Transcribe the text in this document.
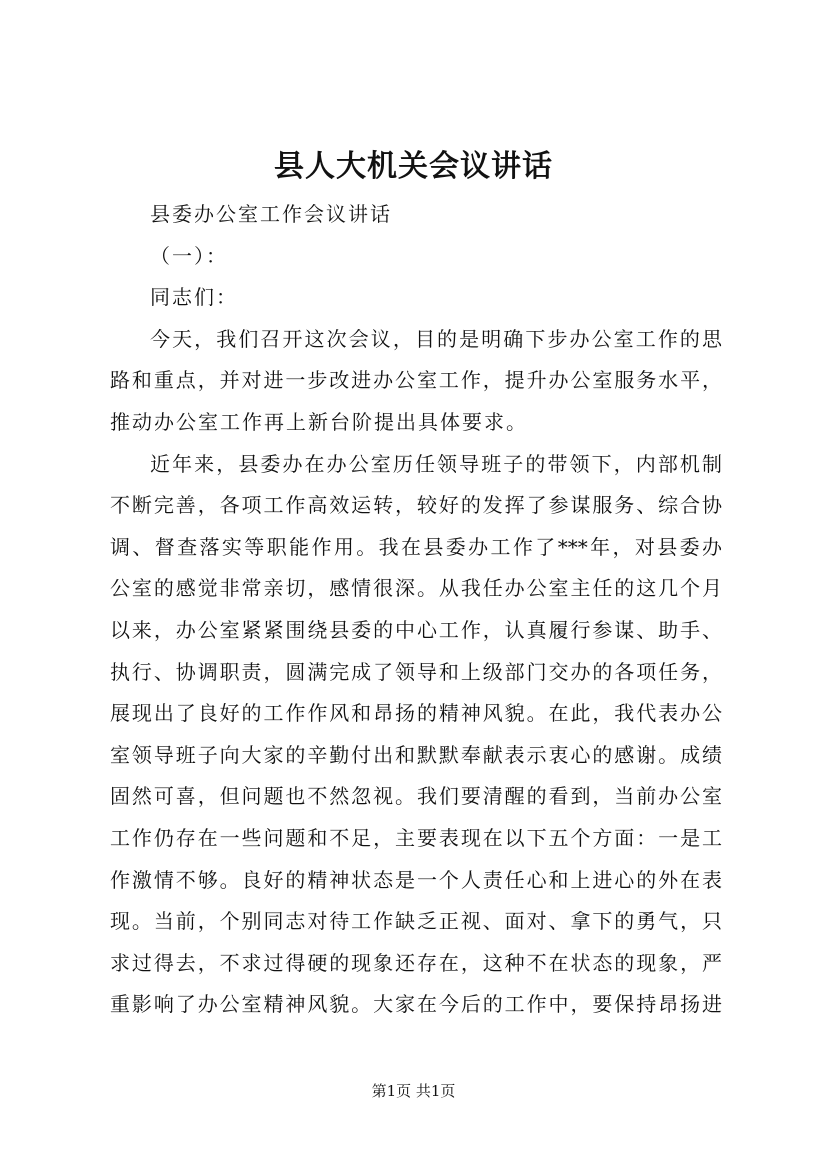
县人大机关会议讲话
县委办公室工作会议讲话
（一）：
同志们：
今天，我们召开这次会议，目的是明确下步办公室工作的思
路和重点，并对进一步改进办公室工作，提升办公室服务水平，
推动办公室工作再上新台阶提出具体要求。
近年来，县委办在办公室历任领导班子的带领下，内部机制
不断完善，各项工作高效运转，较好的发挥了参谋服务、综合协
调、督查落实等职能作用。我在县委办工作了***年，对县委办
公室的感觉非常亲切，感情很深。从我任办公室主任的这几个月
以来，办公室紧紧围绕县委的中心工作，认真履行参谋、助手、
执行、协调职责，圆满完成了领导和上级部门交办的各项任务，
展现出了良好的工作作风和昂扬的精神风貌。在此，我代表办公
室领导班子向大家的辛勤付出和默默奉献表示衷心的感谢。成绩
固然可喜，但问题也不然忽视。我们要清醒的看到，当前办公室
工作仍存在一些问题和不足，主要表现在以下五个方面：一是工
作激情不够。良好的精神状态是一个人责任心和上进心的外在表
现。当前，个别同志对待工作缺乏正视、面对、拿下的勇气，只
求过得去，不求过得硬的现象还存在，这种不在状态的现象，严
重影响了办公室精神风貌。大家在今后的工作中，要保持昂扬进
第1页 共1页
